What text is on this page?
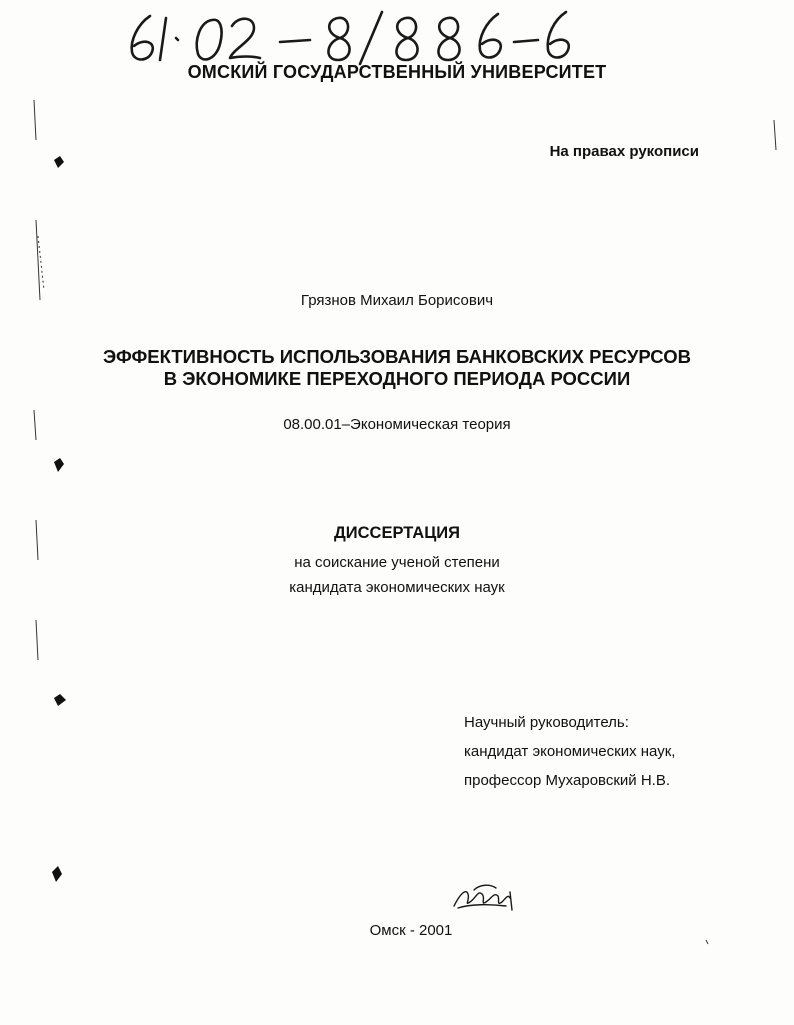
ОМСКИЙ ГОСУДАРСТВЕННЫЙ УНИВЕРСИТЕТ
На правах рукописи
Грязнов Михаил Борисович
ЭФФЕКТИВНОСТЬ ИСПОЛЬЗОВАНИЯ БАНКОВСКИХ РЕСУРСОВ
В ЭКОНОМИКЕ ПЕРЕХОДНОГО ПЕРИОДА РОССИИ
08.00.01–Экономическая теория
ДИССЕРТАЦИЯ
на соискание ученой степени
кандидата экономических наук
Научный руководитель:
кандидат экономических наук,
профессор Мухаровский Н.В.
Омск - 2001
